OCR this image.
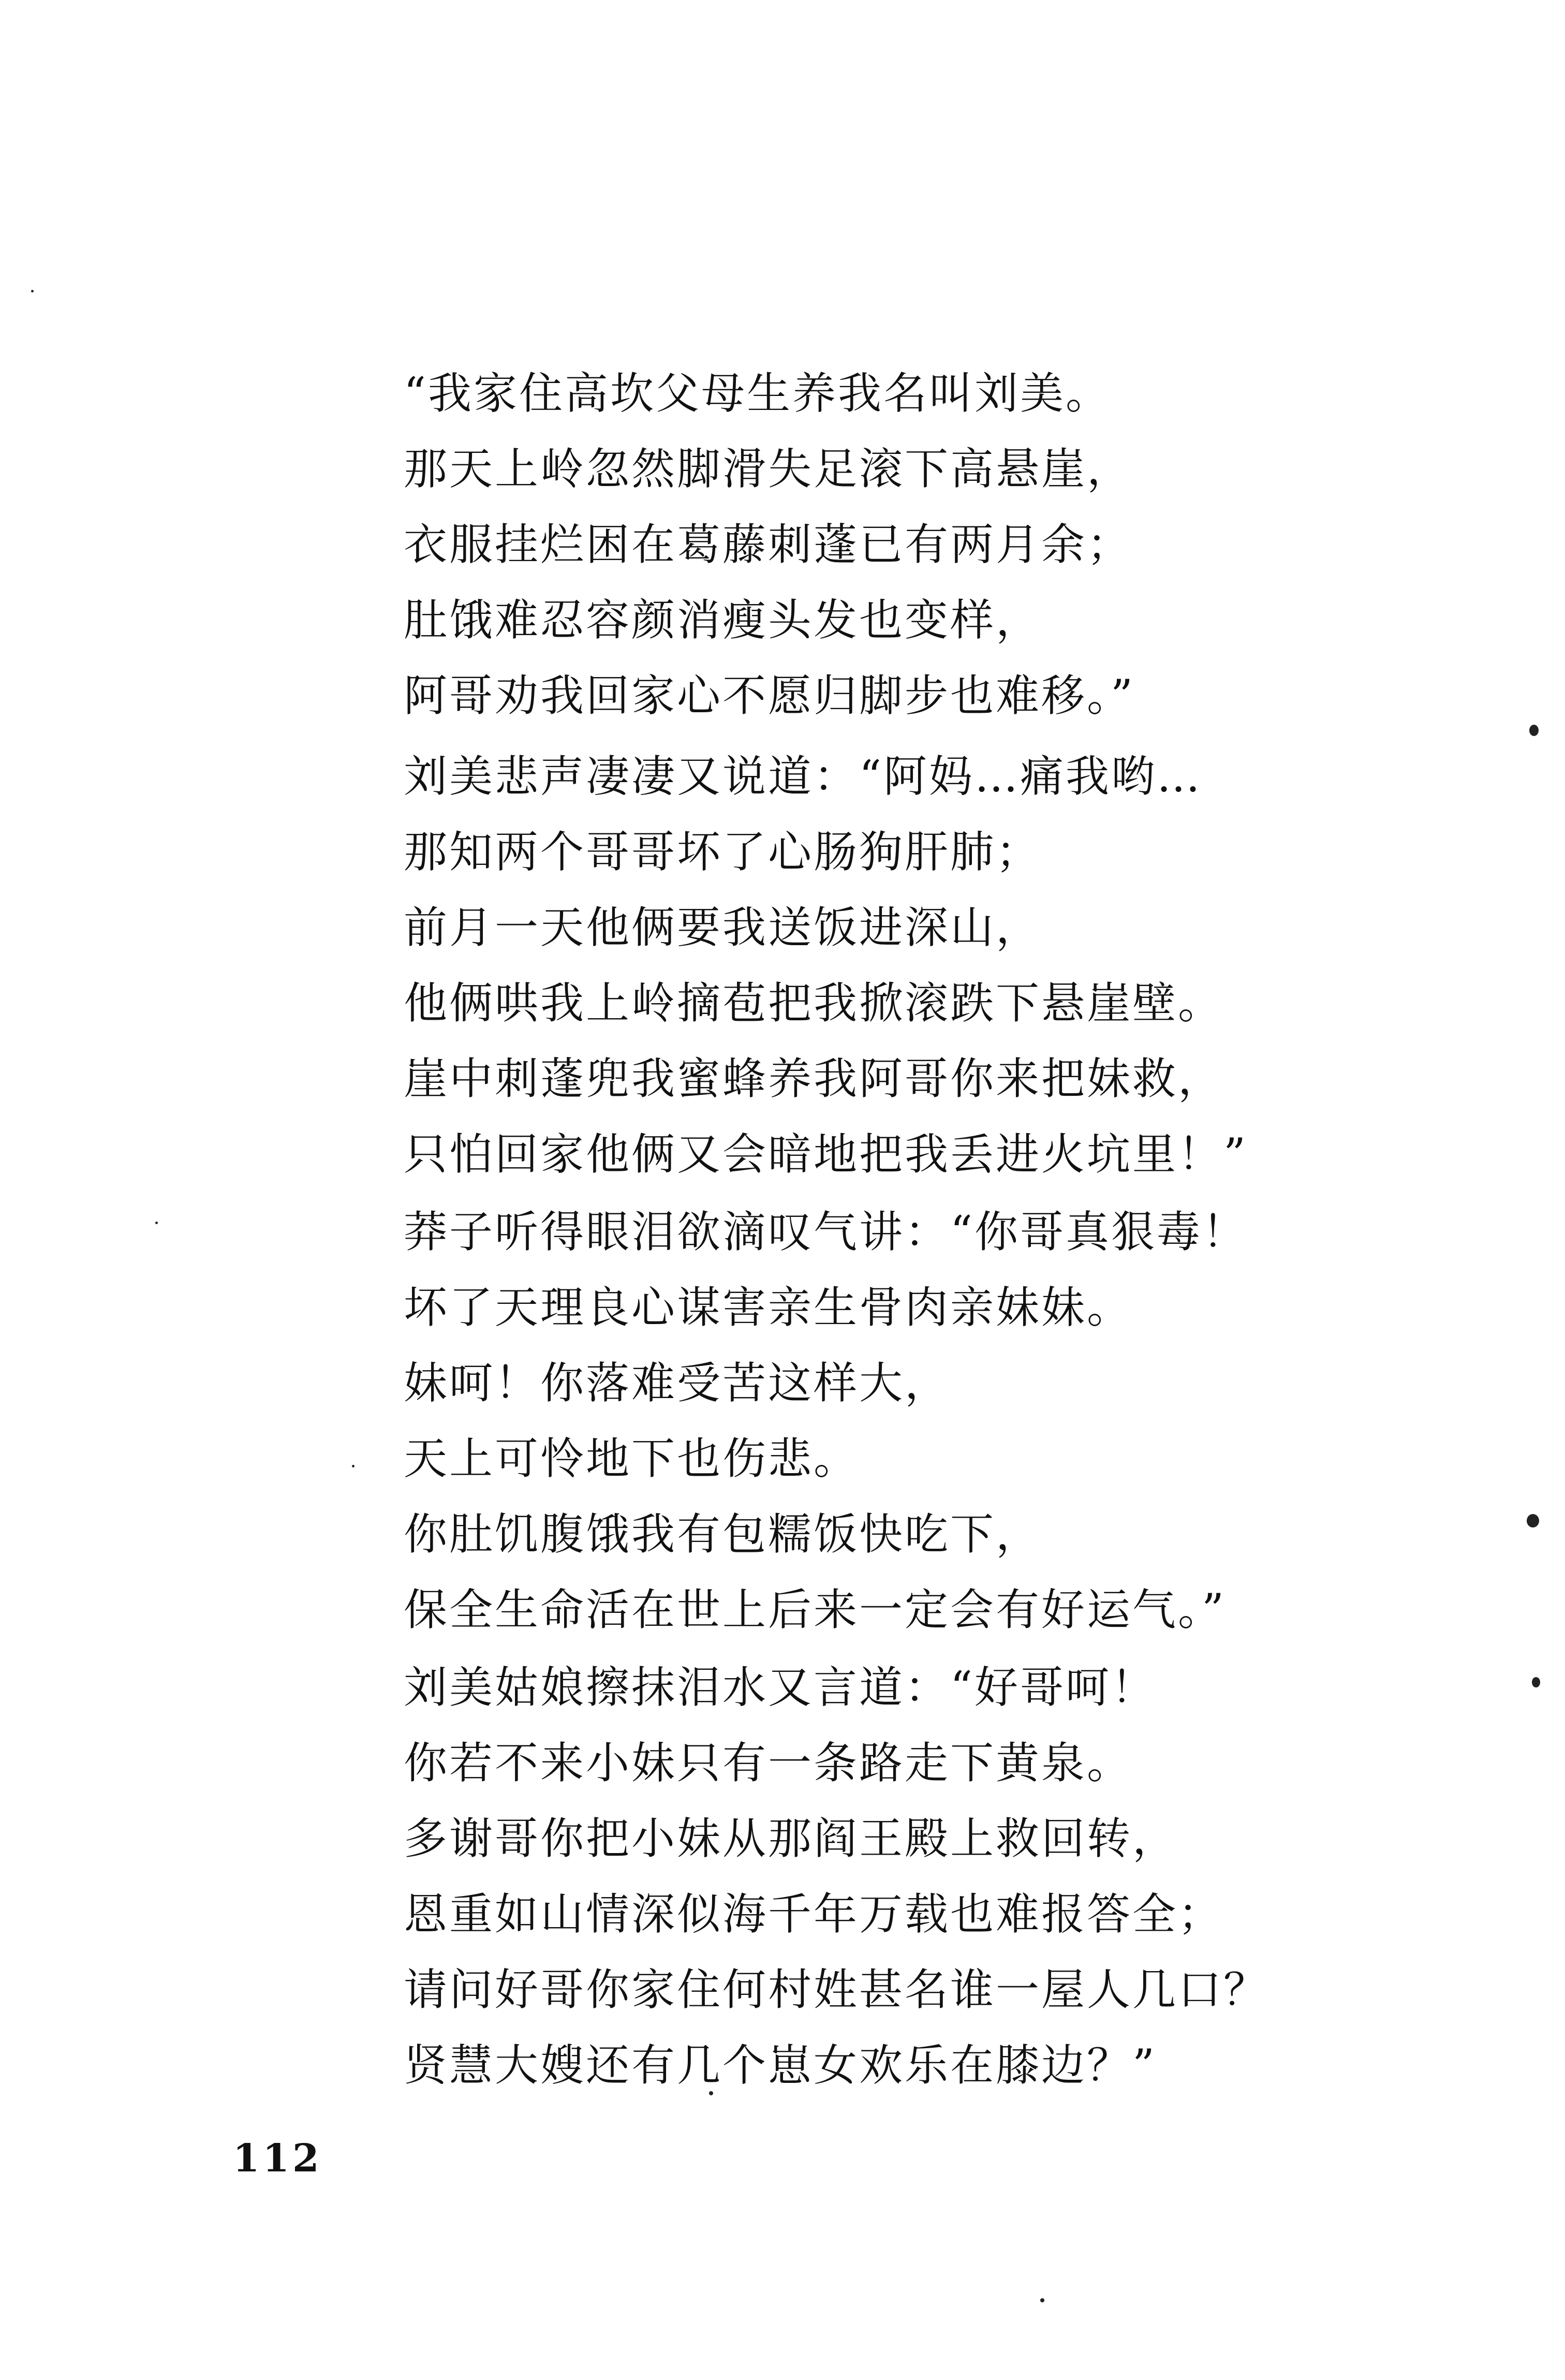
“我家住高坎父母生养我名叫刘美。
那天上岭忽然脚滑失足滚下高悬崖，
衣服挂烂困在葛藤刺蓬已有两月余；
肚饿难忍容颜消瘦头发也变样，
阿哥劝我回家心不愿归脚步也难移。”
刘美悲声凄凄又说道：“阿妈…痛我哟…
那知两个哥哥坏了心肠狗肝肺；
前月一天他俩要我送饭进深山，
他俩哄我上岭摘苞把我掀滚跌下悬崖壁。
崖中刺蓬兜我蜜蜂养我阿哥你来把妹救，
只怕回家他俩又会暗地把我丢进火坑里！”
莽子听得眼泪欲滴叹气讲：“你哥真狠毒！
坏了天理良心谋害亲生骨肉亲妹妹。
妹呵！你落难受苦这样大，
天上可怜地下也伤悲。
你肚饥腹饿我有包糯饭快吃下，
保全生命活在世上后来一定会有好运气。”
刘美姑娘擦抹泪水又言道：“好哥呵！
你若不来小妹只有一条路走下黄泉。
多谢哥你把小妹从那阎王殿上救回转，
恩重如山情深似海千年万载也难报答全；
请问好哥你家住何村姓甚名谁一屋人几口？
贤慧大嫂还有几个崽女欢乐在膝边？”
112
